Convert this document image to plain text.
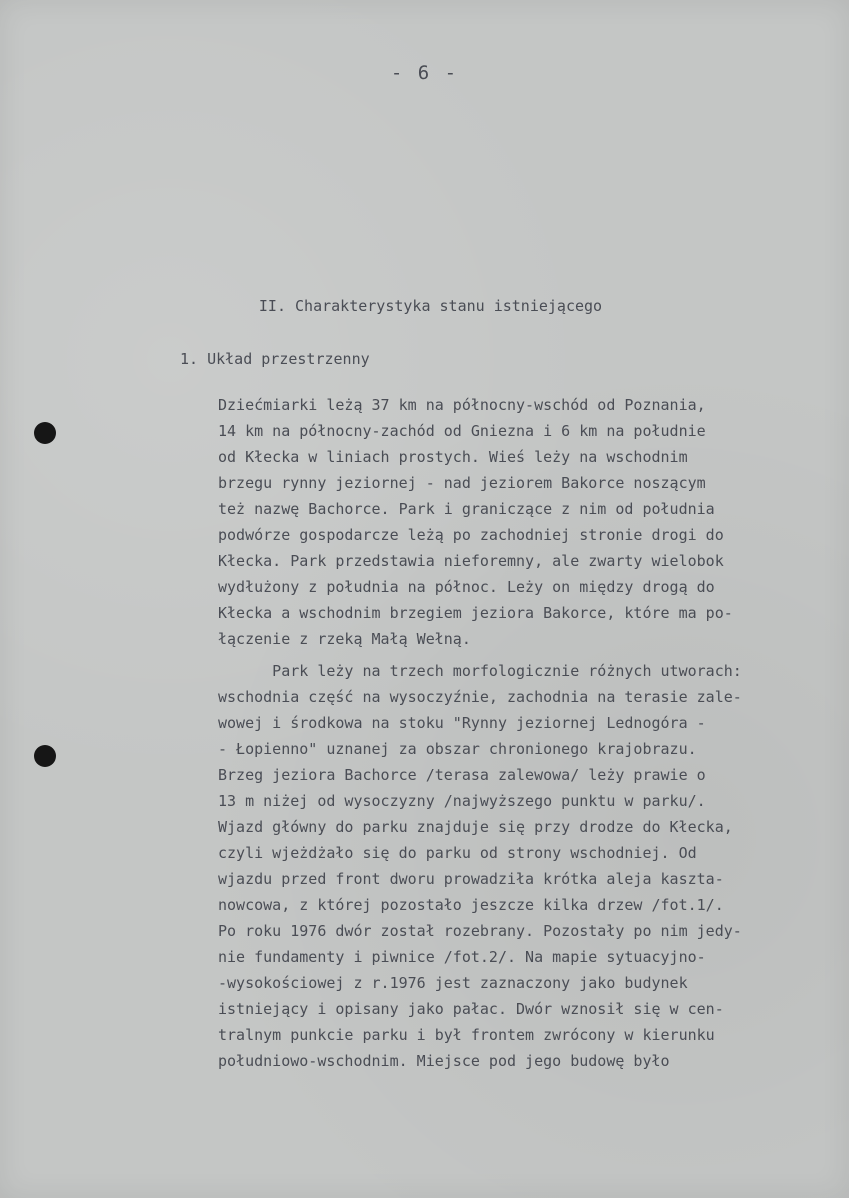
- 6 -
II. Charakterystyka stanu istniejącego
1. Układ przestrzenny
Dziećmiarki leżą 37 km na północny-wschód od Poznania,
14 km na północny-zachód od Gniezna i 6 km na południe
od Kłecka w liniach prostych. Wieś leży na wschodnim
brzegu rynny jeziornej - nad jeziorem Bakorce noszącym
też nazwę Bachorce. Park i graniczące z nim od południa
podwórze gospodarcze leżą po zachodniej stronie drogi do
Kłecka. Park przedstawia nieforemny, ale zwarty wielobok
wydłużony z południa na północ. Leży on między drogą do
Kłecka a wschodnim brzegiem jeziora Bakorce, które ma po-
łączenie z rzeką Małą Wełną.
Park leży na trzech morfologicznie różnych utworach:
wschodnia część na wysoczyźnie, zachodnia na terasie zale-
wowej i środkowa na stoku "Rynny jeziornej Lednogóra -
- Łopienno" uznanej za obszar chronionego krajobrazu.
Brzeg jeziora Bachorce /terasa zalewowa/ leży prawie o
13 m niżej od wysoczyzny /najwyższego punktu w parku/.
Wjazd główny do parku znajduje się przy drodze do Kłecka,
czyli wjeżdżało się do parku od strony wschodniej. Od
wjazdu przed front dworu prowadziła krótka aleja kaszta-
nowcowa, z której pozostało jeszcze kilka drzew /fot.1/.
Po roku 1976 dwór został rozebrany. Pozostały po nim jedy-
nie fundamenty i piwnice /fot.2/. Na mapie sytuacyjno-
-wysokościowej z r.1976 jest zaznaczony jako budynek
istniejący i opisany jako pałac. Dwór wznosił się w cen-
tralnym punkcie parku i był frontem zwrócony w kierunku
południowo-wschodnim. Miejsce pod jego budowę było
